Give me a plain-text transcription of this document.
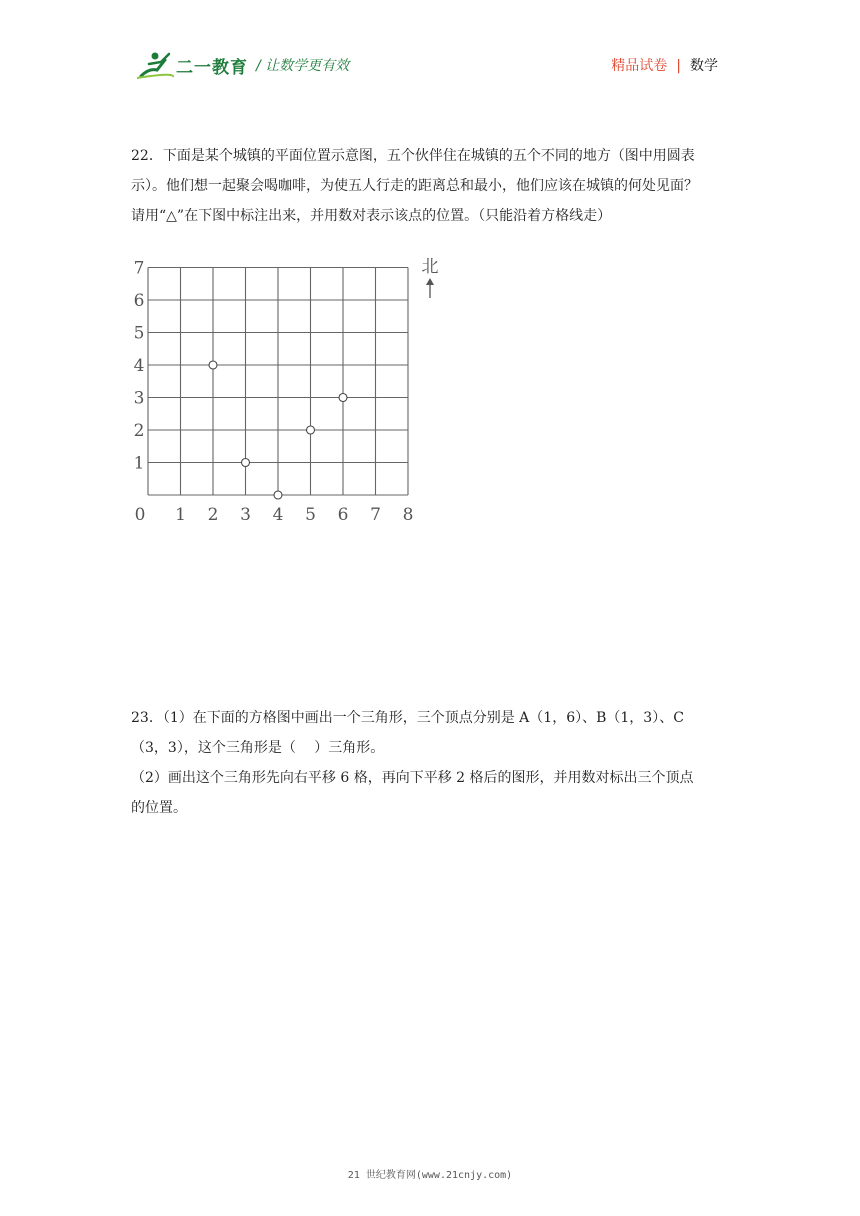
二一教育 / 让数学更有效	精品试卷 | 数学

22．下面是某个城镇的平面位置示意图，五个伙伴住在城镇的五个不同的地方（图中用圆表

示）。他们想一起聚会喝咖啡，为使五人行走的距离总和最小，他们应该在城镇的何处见面？

请用“△”在下图中标注出来，并用数对表示该点的位置。（只能沿着方格线走）

0 1 2 3 4 5 6 7 8
1
2
3
4
5
6
7	北

23．（1）在下面的方格图中画出一个三角形，三个顶点分别是 A（1，6）、B（1，3）、C

（3，3），这个三角形是（　 ）三角形。

（2）画出这个三角形先向右平移 6 格，再向下平移 2 格后的图形，并用数对标出三个顶点

的位置。

21 世纪教育网(www.21cnjy.com)
